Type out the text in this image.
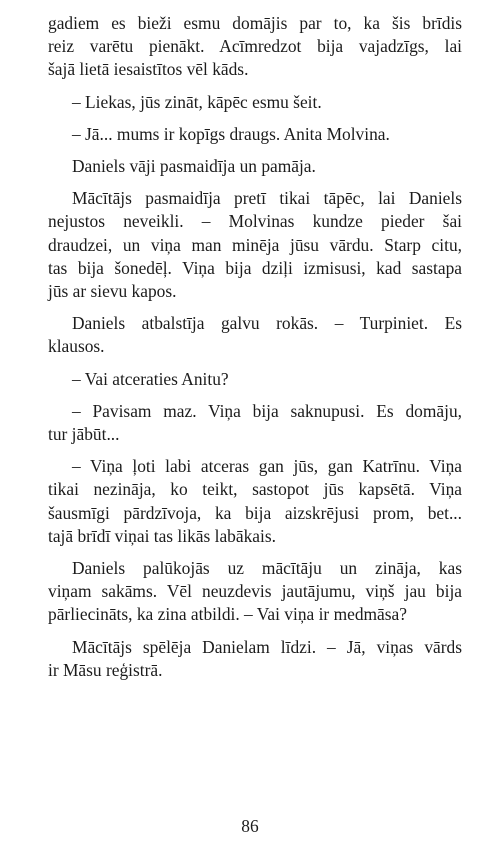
gadiem es bieži esmu domājis par to, ka šis brīdis
reiz varētu pienākt. Acīmredzot bija vajadzīgs, lai
šajā lietā iesaistītos vēl kāds.

– Liekas, jūs zināt, kāpēc esmu šeit.

– Jā... mums ir kopīgs draugs. Anita Molvina.

Daniels vāji pasmaidīja un pamāja.

Mācītājs pasmaidīja pretī tikai tāpēc, lai Daniels
nejustos neveikli. – Molvinas kundze pieder šai
draudzei, un viņa man minēja jūsu vārdu. Starp citu,
tas bija šonedēļ. Viņa bija dziļi izmisusi, kad sastapa
jūs ar sievu kapos.

Daniels atbalstīja galvu rokās. – Turpiniet. Es
klausos.

– Vai atceraties Anitu?

– Pavisam maz. Viņa bija saknupusi. Es domāju,
tur jābūt...

– Viņa ļoti labi atceras gan jūs, gan Katrīnu. Viņa
tikai nezināja, ko teikt, sastopot jūs kapsētā. Viņa
šausmīgi pārdzīvoja, ka bija aizskrējusi prom, bet...
tajā brīdī viņai tas likās labākais.

Daniels palūkojās uz mācītāju un zināja, kas
viņam sakāms. Vēl neuzdevis jautājumu, viņš jau bija
pārliecināts, ka zina atbildi. – Vai viņa ir medmāsa?

Mācītājs spēlēja Danielam līdzi. – Jā, viņas vārds
ir Māsu reģistrā.

86
